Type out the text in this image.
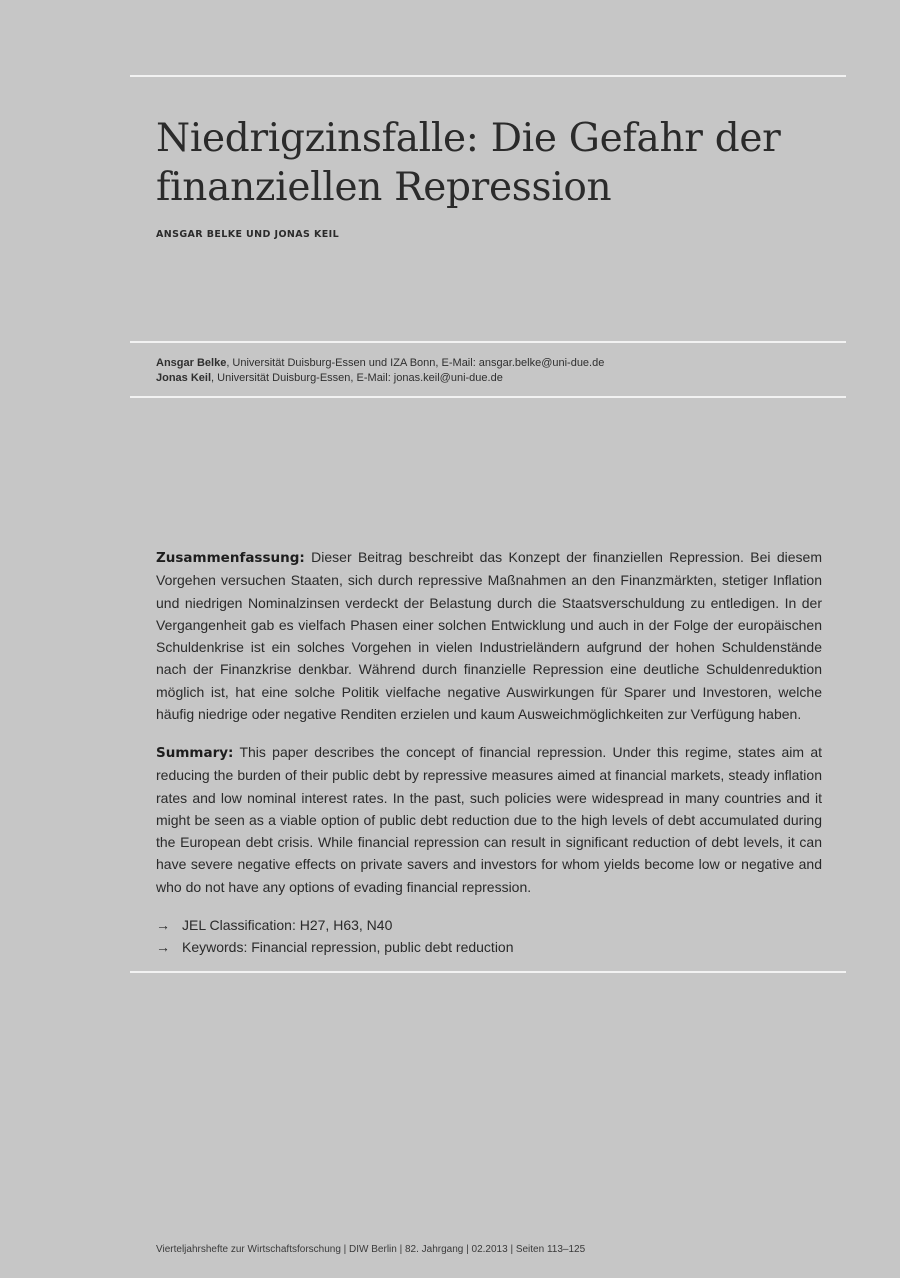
Niedrigzinsfalle: Die Gefahr der
finanziellen Repression
ANSGAR BELKE UND JONAS KEIL
Ansgar Belke, Universität Duisburg-Essen und IZA Bonn, E-Mail: ansgar.belke@uni-due.de
Jonas Keil, Universität Duisburg-Essen, E-Mail: jonas.keil@uni-due.de

Zusammenfassung: Dieser Beitrag beschreibt das Konzept der finanziellen Repression. Bei diesem Vorgehen versuchen Staaten, sich durch repressive Maßnahmen an den Finanzmärkten, stetiger Inflation und niedrigen Nominalzinsen verdeckt der Belastung durch die Staatsverschuldung zu entledigen. In der Vergangenheit gab es vielfach Phasen einer solchen Entwicklung und auch in der Folge der europäischen Schuldenkrise ist ein solches Vorgehen in vielen Industrieländern aufgrund der hohen Schuldenstände nach der Finanzkrise denkbar. Während durch finanzielle Repression eine deutliche Schuldenreduktion möglich ist, hat eine solche Politik vielfache negative Auswirkungen für Sparer und Investoren, welche häufig niedrige oder negative Renditen erzielen und kaum Ausweichmöglichkeiten zur Verfügung haben.

Summary: This paper describes the concept of financial repression. Under this regime, states aim at reducing the burden of their public debt by repressive measures aimed at financial markets, steady inflation rates and low nominal interest rates. In the past, such policies were widespread in many countries and it might be seen as a viable option of public debt reduction due to the high levels of debt accumulated during the European debt crisis. While financial repression can result in significant reduction of debt levels, it can have severe negative effects on private savers and investors for whom yields become low or negative and who do not have any options of evading financial repression.

→ JEL Classification: H27, H63, N40
→ Keywords: Financial repression, public debt reduction
Vierteljahrshefte zur Wirtschaftsforschung | DIW Berlin | 82. Jahrgang | 02.2013 | Seiten 113–125
